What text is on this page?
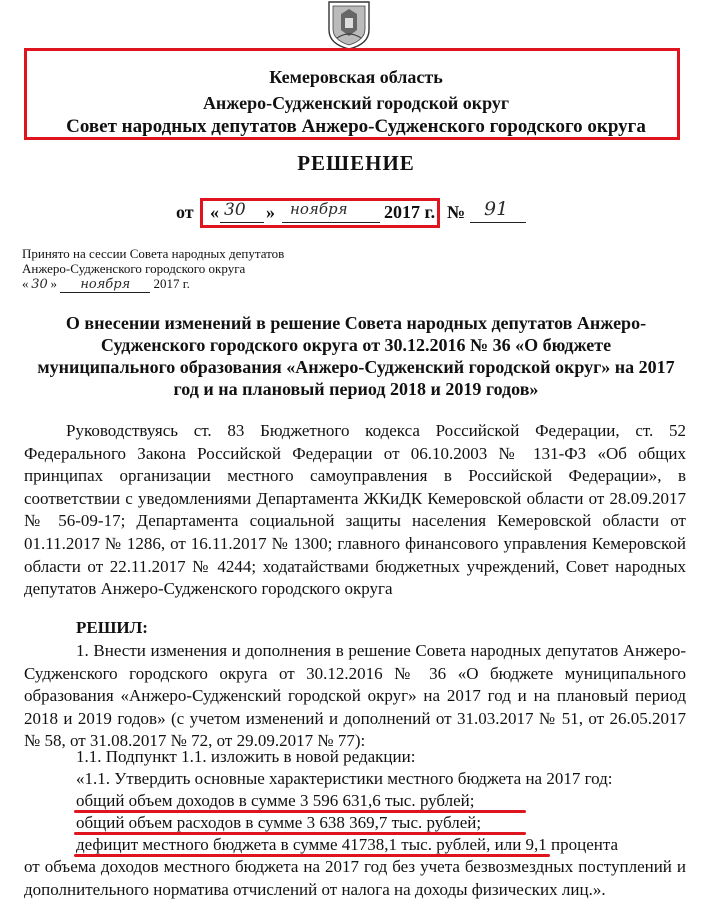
Кемеровская область
Анжеро-Судженский городской округ
Совет народных депутатов Анжеро-Судженского городского округа
РЕШЕНИЕ
от « 30 » ноября 2017 г. № 91
Принято на сессии Совета народных депутатов
Анжеро-Судженского городского округа
« 30 » ноября 2017 г.
О внесении изменений в решение Совета народных депутатов Анжеро-Судженского городского округа от 30.12.2016 № 36 «О бюджете муниципального образования «Анжеро-Судженский городской округ» на 2017 год и на плановый период 2018 и 2019 годов»
Руководствуясь ст. 83 Бюджетного кодекса Российской Федерации, ст. 52 Федерального Закона Российской Федерации от 06.10.2003 № 131-ФЗ «Об общих принципах организации местного самоуправления в Российской Федерации», в соответствии с уведомлениями Департамента ЖКиДК Кемеровской области от 28.09.2017 № 56-09-17; Департамента социальной защиты населения Кемеровской области от 01.11.2017 № 1286, от 16.11.2017 № 1300; главного финансового управления Кемеровской области от 22.11.2017 № 4244; ходатайствами бюджетных учреждений, Совет народных депутатов Анжеро-Судженского городского округа
РЕШИЛ:
1. Внести изменения и дополнения в решение Совета народных депутатов Анжеро-Судженского городского округа от 30.12.2016 № 36 «О бюджете муниципального образования «Анжеро-Судженский городской округ» на 2017 год и на плановый период 2018 и 2019 годов» (с учетом изменений и дополнений от 31.03.2017 № 51, от 26.05.2017 № 58, от 31.08.2017 № 72, от 29.09.2017 № 77):
1.1. Подпункт 1.1. изложить в новой редакции:
«1.1. Утвердить основные характеристики местного бюджета на 2017 год:
общий объем доходов в сумме 3 596 631,6 тыс. рублей;
общий объем расходов в сумме 3 638 369,7 тыс. рублей;
дефицит местного бюджета в сумме 41738,1 тыс. рублей, или 9,1 процента
от объема доходов местного бюджета на 2017 год без учета безвозмездных поступлений и дополнительного норматива отчислений от налога на доходы физических лиц.».
